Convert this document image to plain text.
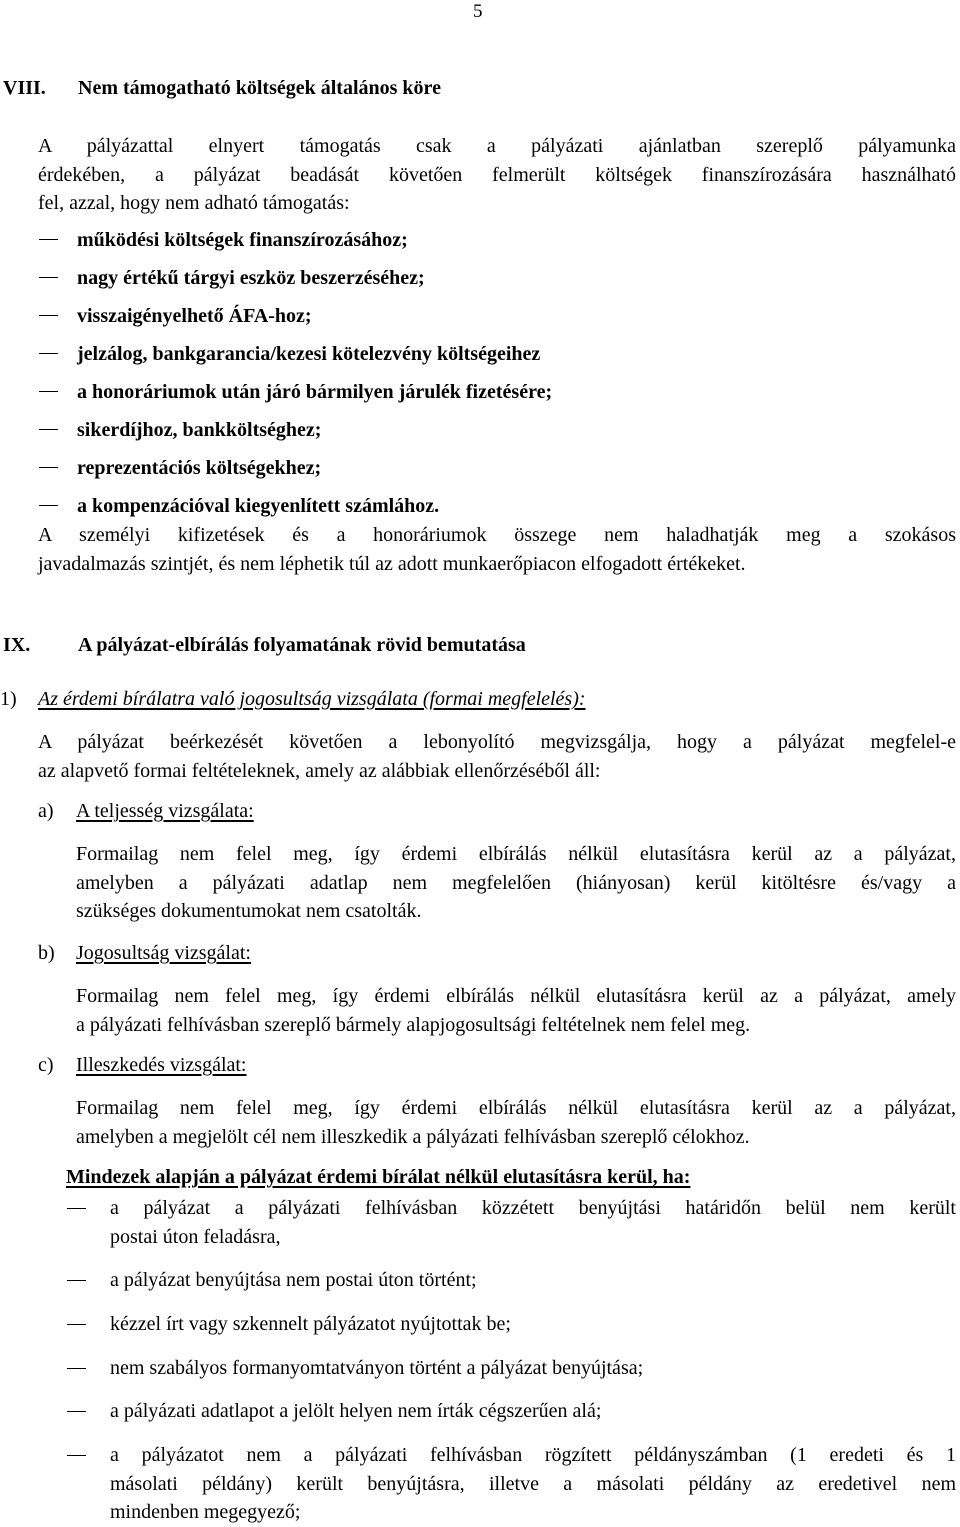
5
VIII. Nem támogatható költségek általános köre
A pályázattal elnyert támogatás csak a pályázati ajánlatban szereplő pályamunka
érdekében, a pályázat beadását követően felmerült költségek finanszírozására használható
fel, azzal, hogy nem adható támogatás:
működési költségek finanszírozásához;
nagy értékű tárgyi eszköz beszerzéséhez;
visszaigényelhető ÁFA-hoz;
jelzálog, bankgarancia/kezesi kötelezvény költségeihez
a honoráriumok után járó bármilyen járulék fizetésére;
sikerdíjhoz, bankköltséghez;
reprezentációs költségekhez;
a kompenzációval kiegyenlített számlához.
A személyi kifizetések és a honoráriumok összege nem haladhatják meg a szokásos
javadalmazás szintjét, és nem léphetik túl az adott munkaerőpiacon elfogadott értékeket.
IX. A pályázat-elbírálás folyamatának rövid bemutatása
1) Az érdemi bírálatra való jogosultság vizsgálata (formai megfelelés):
A pályázat beérkezését követően a lebonyolító megvizsgálja, hogy a pályázat megfelel-e
az alapvető formai feltételeknek, amely az alábbiak ellenőrzéséből áll:
a) A teljesség vizsgálata:
Formailag nem felel meg, így érdemi elbírálás nélkül elutasításra kerül az a pályázat,
amelyben a pályázati adatlap nem megfelelően (hiányosan) kerül kitöltésre és/vagy a
szükséges dokumentumokat nem csatolták.
b) Jogosultság vizsgálat:
Formailag nem felel meg, így érdemi elbírálás nélkül elutasításra kerül az a pályázat, amely
a pályázati felhívásban szereplő bármely alapjogosultsági feltételnek nem felel meg.
c) Illeszkedés vizsgálat:
Formailag nem felel meg, így érdemi elbírálás nélkül elutasításra kerül az a pályázat,
amelyben a megjelölt cél nem illeszkedik a pályázati felhívásban szereplő célokhoz.
Mindezek alapján a pályázat érdemi bírálat nélkül elutasításra kerül, ha:
a pályázat a pályázati felhívásban közzétett benyújtási határidőn belül nem került
postai úton feladásra,
a pályázat benyújtása nem postai úton történt;
kézzel írt vagy szkennelt pályázatot nyújtottak be;
nem szabályos formanyomtatványon történt a pályázat benyújtása;
a pályázati adatlapot a jelölt helyen nem írták cégszerűen alá;
a pályázatot nem a pályázati felhívásban rögzített példányszámban (1 eredeti és 1
másolati példány) került benyújtásra, illetve a másolati példány az eredetivel nem
mindenben megegyező;
